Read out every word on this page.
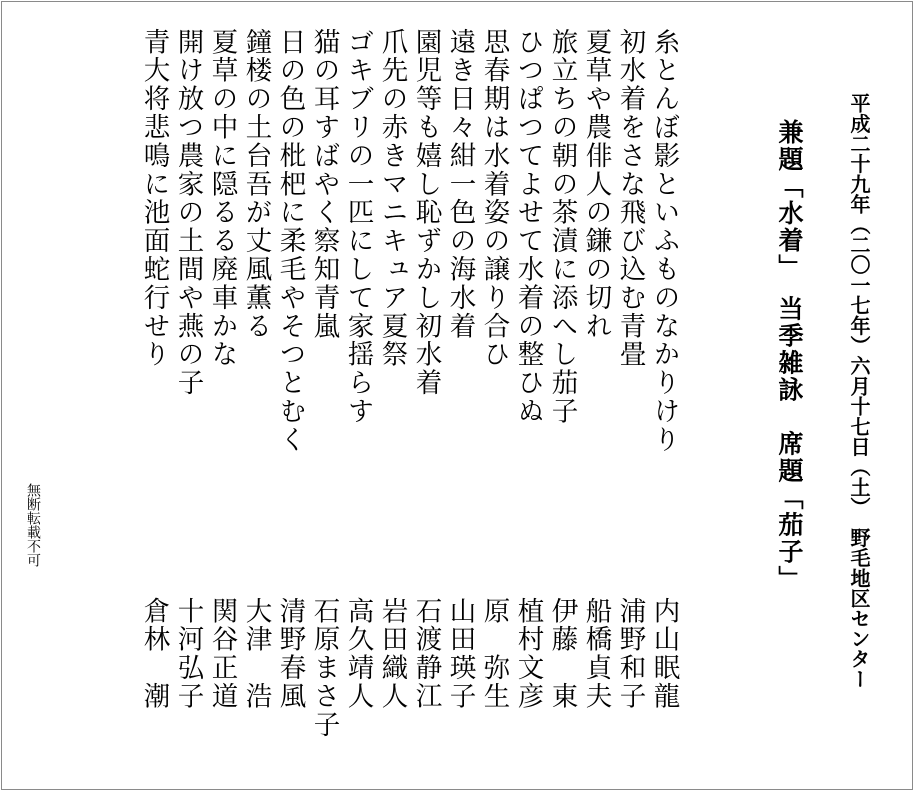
平成二十九年（二〇一七年）六月十七日（土）　野毛地区センター
兼題「水着」　当季雑詠　席題「茄子」
糸とんぼ影といふものなかりけり
内山眠龍
初水着をさな飛び込む青畳
浦野和子
夏草や農俳人の鎌の切れ
船橋貞夫
旅立ちの朝の茶漬に添へし茄子
伊藤　東
ひつぱつてよせて水着の整ひぬ
植村文彦
思春期は水着姿の譲り合ひ
原　弥生
遠き日々紺一色の海水着
山田瑛子
園児等も嬉し恥ずかし初水着
石渡静江
爪先の赤きマニキュア夏祭
岩田織人
ゴキブリの一匹にして家揺らす
高久靖人
猫の耳すばやく察知青嵐
石原まさ子
日の色の枇杷に柔毛やそつとむく
清野春風
鐘楼の土台吾が丈風薫る
大津　浩
夏草の中に隠るる廃車かな
関谷正道
開け放つ農家の土間や燕の子
十河弘子
青大将悲鳴に池面蛇行せり
倉林　潮
無断転載不可
